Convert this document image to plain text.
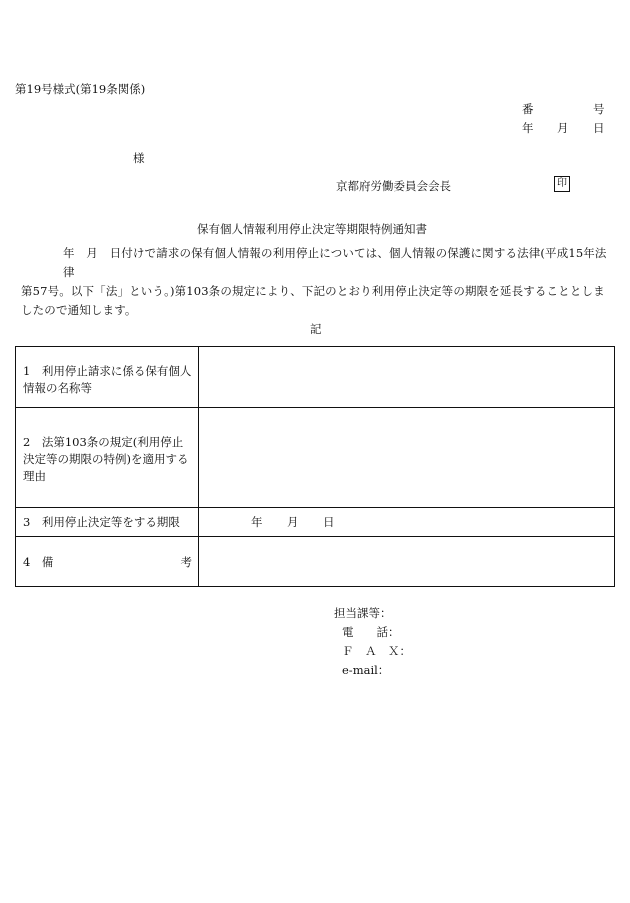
第19号様式(第19条関係)
番	号
年 月 日
様
京都府労働委員会会長	印
保有個人情報利用停止決定等期限特例通知書
年　月　日付けで請求の保有個人情報の利用停止については、個人情報の保護に関する法律(平成15年法律
第57号。以下「法」という。)第103条の規定により、下記のとおり利用停止決定等の期限を延長することとしま
したので通知します。
記
1　利用停止請求に係る保有個人情報の名称等	

2　法第103条の規定(利用停止決定等の期限の特例)を適用する理由	

3　利用停止決定等をする期限	年 月 日

4　備 考	

担当課等：
電　　話：
Ｆ　Ａ　Ｘ：
e-mail：
